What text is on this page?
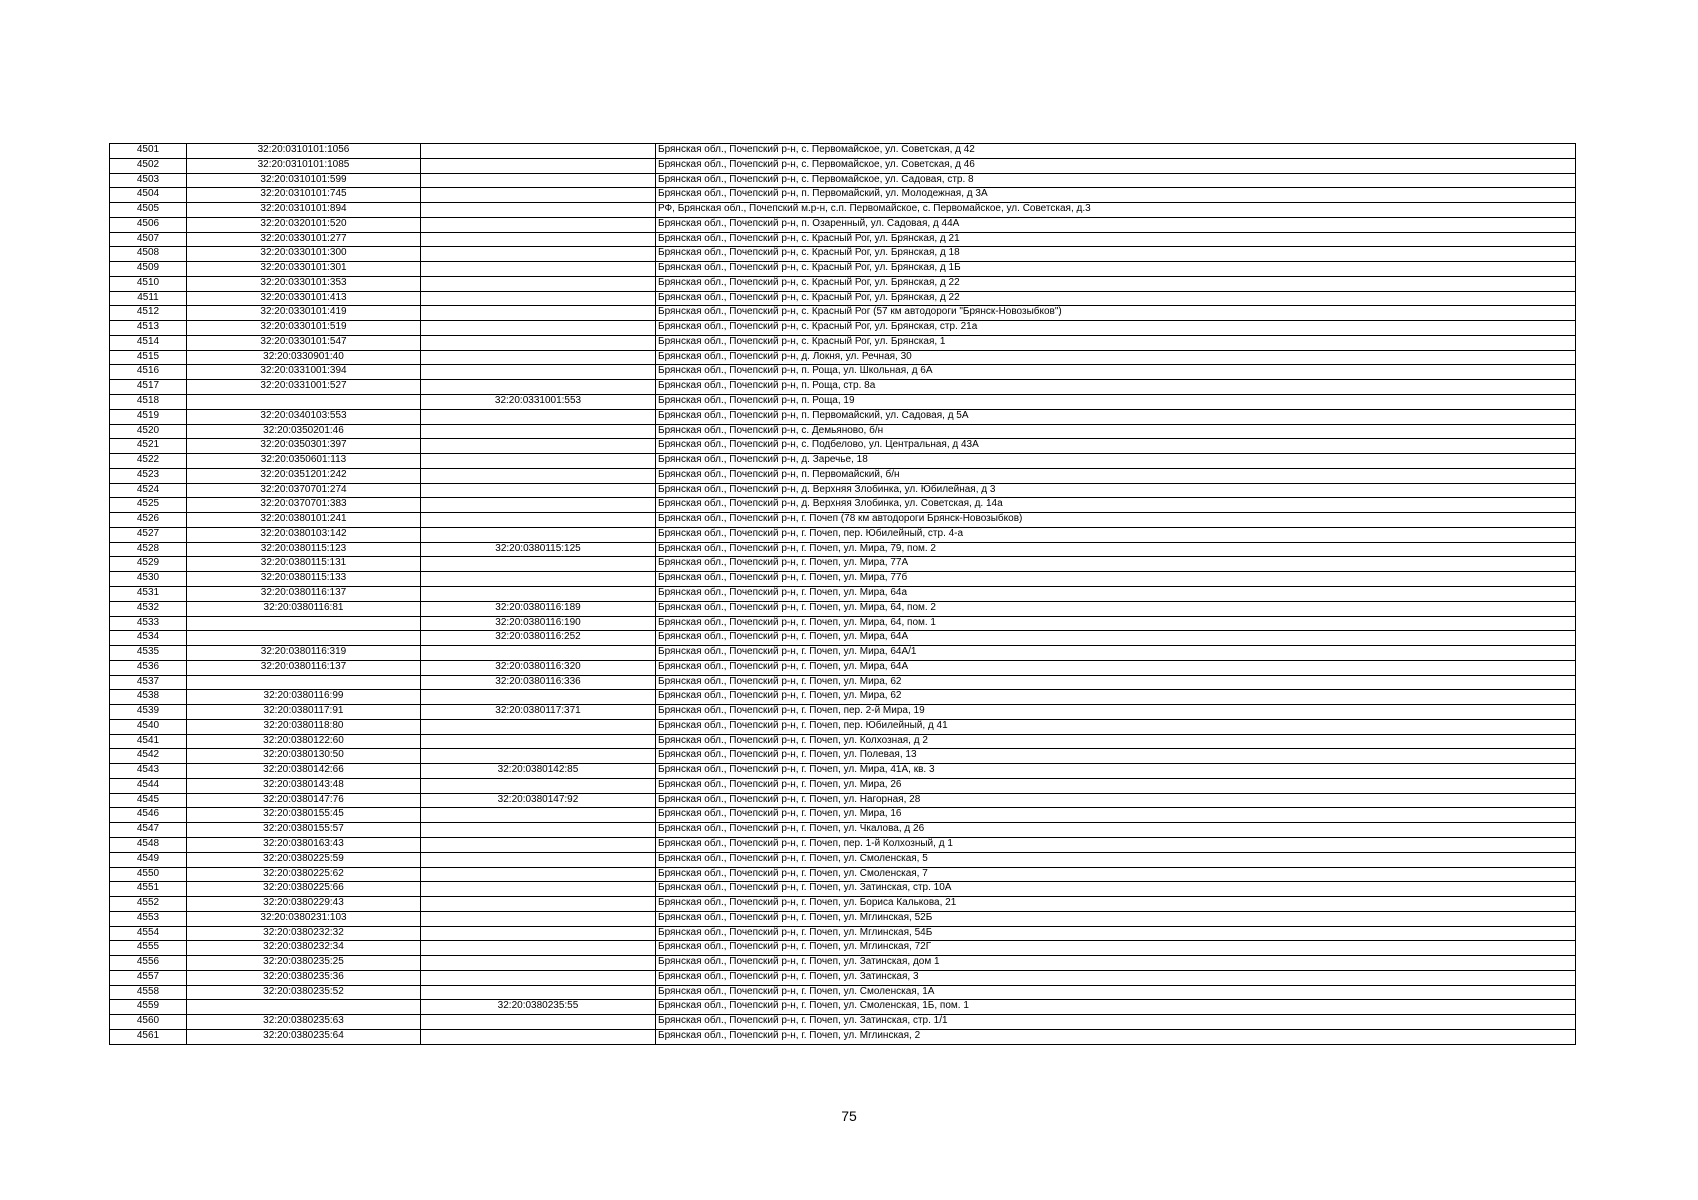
4501	32:20:0310101:1056		Брянская обл., Почепский р-н, с. Первомайское, ул. Советская, д 42
4502	32:20:0310101:1085		Брянская обл., Почепский р-н, с. Первомайское, ул. Советская, д 46
4503	32:20:0310101:599		Брянская обл., Почепский р-н, с. Первомайское, ул. Садовая, стр. 8
4504	32:20:0310101:745		Брянская обл., Почепский р-н, п. Первомайский, ул. Молодежная, д 3А
4505	32:20:0310101:894		РФ, Брянская обл., Почепский м.р-н, с.п. Первомайское, с. Первомайское, ул. Советская, д.3
4506	32:20:0320101:520		Брянская обл., Почепский р-н, п. Озаренный, ул. Садовая, д 44А
4507	32:20:0330101:277		Брянская обл., Почепский р-н, с. Красный Рог, ул. Брянская, д 21
4508	32:20:0330101:300		Брянская обл., Почепский р-н, с. Красный Рог, ул. Брянская, д 18
4509	32:20:0330101:301		Брянская обл., Почепский р-н, с. Красный Рог, ул. Брянская, д 1Б
4510	32:20:0330101:353		Брянская обл., Почепский р-н, с. Красный Рог, ул. Брянская, д 22
4511	32:20:0330101:413		Брянская обл., Почепский р-н, с. Красный Рог, ул. Брянская, д 22
4512	32:20:0330101:419		Брянская обл., Почепский р-н, с. Красный Рог (57 км автодороги "Брянск-Новозыбков")
4513	32:20:0330101:519		Брянская обл., Почепский р-н, с. Красный Рог, ул. Брянская, стр. 21а
4514	32:20:0330101:547		Брянская обл., Почепский р-н, с. Красный Рог, ул. Брянская, 1
4515	32:20:0330901:40		Брянская обл., Почепский р-н, д. Локня, ул. Речная, 30
4516	32:20:0331001:394		Брянская обл., Почепский р-н, п. Роща, ул. Школьная, д 6А
4517	32:20:0331001:527		Брянская обл., Почепский р-н, п. Роща, стр. 8а
4518		32:20:0331001:553	Брянская обл., Почепский р-н, п. Роща, 19
4519	32:20:0340103:553		Брянская обл., Почепский р-н, п. Первомайский, ул. Садовая, д 5А
4520	32:20:0350201:46		Брянская обл., Почепский р-н, с. Демьяново, б/н
4521	32:20:0350301:397		Брянская обл., Почепский р-н, с. Подбелово, ул. Центральная, д 43А
4522	32:20:0350601:113		Брянская обл., Почепский р-н, д. Заречье, 18
4523	32:20:0351201:242		Брянская обл., Почепский р-н, п. Первомайский, б/н
4524	32:20:0370701:274		Брянская обл., Почепский р-н, д. Верхняя Злобинка, ул. Юбилейная, д 3
4525	32:20:0370701:383		Брянская обл., Почепский р-н, д. Верхняя Злобинка, ул. Советская, д. 14а
4526	32:20:0380101:241		Брянская обл., Почепский р-н, г. Почеп (78 км автодороги Брянск-Новозыбков)
4527	32:20:0380103:142		Брянская обл., Почепский р-н, г. Почеп, пер. Юбилейный, стр. 4-а
4528	32:20:0380115:123	32:20:0380115:125	Брянская обл., Почепский р-н, г. Почеп, ул. Мира, 79, пом. 2
4529	32:20:0380115:131		Брянская обл., Почепский р-н, г. Почеп, ул. Мира, 77А
4530	32:20:0380115:133		Брянская обл., Почепский р-н, г. Почеп, ул. Мира, 77б
4531	32:20:0380116:137		Брянская обл., Почепский р-н, г. Почеп, ул. Мира, 64а
4532	32:20:0380116:81	32:20:0380116:189	Брянская обл., Почепский р-н, г. Почеп, ул. Мира, 64, пом. 2
4533		32:20:0380116:190	Брянская обл., Почепский р-н, г. Почеп, ул. Мира, 64, пом. 1
4534		32:20:0380116:252	Брянская обл., Почепский р-н, г. Почеп, ул. Мира, 64А
4535	32:20:0380116:319		Брянская обл., Почепский р-н, г. Почеп, ул. Мира, 64А/1
4536	32:20:0380116:137	32:20:0380116:320	Брянская обл., Почепский р-н, г. Почеп, ул. Мира, 64А
4537		32:20:0380116:336	Брянская обл., Почепский р-н, г. Почеп, ул. Мира, 62
4538	32:20:0380116:99		Брянская обл., Почепский р-н, г. Почеп, ул. Мира, 62
4539	32:20:0380117:91	32:20:0380117:371	Брянская обл., Почепский р-н, г. Почеп, пер. 2-й Мира, 19
4540	32:20:0380118:80		Брянская обл., Почепский р-н, г. Почеп, пер. Юбилейный, д 41
4541	32:20:0380122:60		Брянская обл., Почепский р-н, г. Почеп, ул. Колхозная, д 2
4542	32:20:0380130:50		Брянская обл., Почепский р-н, г. Почеп, ул. Полевая, 13
4543	32:20:0380142:66	32:20:0380142:85	Брянская обл., Почепский р-н, г. Почеп, ул. Мира, 41А, кв. 3
4544	32:20:0380143:48		Брянская обл., Почепский р-н, г. Почеп, ул. Мира, 26
4545	32:20:0380147:76	32:20:0380147:92	Брянская обл., Почепский р-н, г. Почеп, ул. Нагорная, 28
4546	32:20:0380155:45		Брянская обл., Почепский р-н, г. Почеп, ул. Мира, 16
4547	32:20:0380155:57		Брянская обл., Почепский р-н, г. Почеп, ул. Чкалова, д 26
4548	32:20:0380163:43		Брянская обл., Почепский р-н, г. Почеп, пер. 1-й Колхозный, д 1
4549	32:20:0380225:59		Брянская обл., Почепский р-н, г. Почеп, ул. Смоленская, 5
4550	32:20:0380225:62		Брянская обл., Почепский р-н, г. Почеп, ул. Смоленская, 7
4551	32:20:0380225:66		Брянская обл., Почепский р-н, г. Почеп, ул. Затинская, стр. 10А
4552	32:20:0380229:43		Брянская обл., Почепский р-н, г. Почеп, ул. Бориса Калькова, 21
4553	32:20:0380231:103		Брянская обл., Почепский р-н, г. Почеп, ул. Мглинская, 52Б
4554	32:20:0380232:32		Брянская обл., Почепский р-н, г. Почеп, ул. Мглинская, 54Б
4555	32:20:0380232:34		Брянская обл., Почепский р-н, г. Почеп, ул. Мглинская, 72Г
4556	32:20:0380235:25		Брянская обл., Почепский р-н, г. Почеп, ул. Затинская, дом 1
4557	32:20:0380235:36		Брянская обл., Почепский р-н, г. Почеп, ул. Затинская, 3
4558	32:20:0380235:52		Брянская обл., Почепский р-н, г. Почеп, ул. Смоленская, 1А
4559		32:20:0380235:55	Брянская обл., Почепский р-н, г. Почеп, ул. Смоленская, 1Б, пом. 1
4560	32:20:0380235:63		Брянская обл., Почепский р-н, г. Почеп, ул. Затинская, стр. 1/1
4561	32:20:0380235:64		Брянская обл., Почепский р-н, г. Почеп, ул. Мглинская, 2
75
